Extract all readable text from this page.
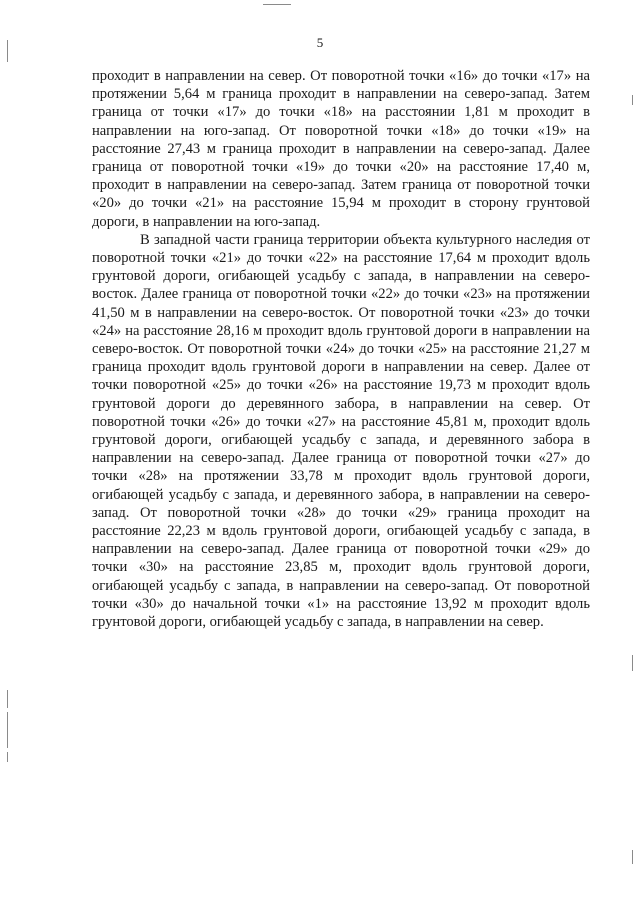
5

проходит в направлении на север. От поворотной точки «16» до точки «17» на протяжении 5,64 м граница проходит в направлении на северо-запад. Затем граница от точки «17» до точки «18» на расстоянии 1,81 м проходит в направлении на юго-запад. От поворотной точки «18» до точки «19» на расстояние 27,43 м граница проходит в направлении на северо-запад. Далее граница от поворотной точки «19» до точки «20» на расстояние 17,40 м, проходит в направлении на северо-запад. Затем граница от поворотной точки «20» до точки «21» на расстояние 15,94 м проходит в сторону грунтовой дороги, в направлении на юго-запад.

В западной части граница территории объекта культурного наследия от поворотной точки «21» до точки «22» на расстояние 17,64 м проходит вдоль грунтовой дороги, огибающей усадьбу с запада, в направлении на северо-восток. Далее граница от поворотной точки «22» до точки «23» на протяжении 41,50 м в направлении на северо-восток. От поворотной точки «23» до точки «24» на расстояние 28,16 м проходит вдоль грунтовой дороги в направлении на северо-восток. От поворотной точки «24» до точки «25» на расстояние 21,27 м граница проходит вдоль грунтовой дороги в направлении на север. Далее от точки поворотной «25» до точки «26» на расстояние 19,73 м проходит вдоль грунтовой дороги до деревянного забора, в направлении на север. От поворотной точки «26» до точки «27» на расстояние 45,81 м, проходит вдоль грунтовой дороги, огибающей усадьбу с запада, и деревянного забора в направлении на северо-запад. Далее граница от поворотной точки «27» до точки «28» на протяжении 33,78 м проходит вдоль грунтовой дороги, огибающей усадьбу с запада, и деревянного забора, в направлении на северо-запад. От поворотной точки «28» до точки «29» граница проходит на расстояние 22,23 м вдоль грунтовой дороги, огибающей усадьбу с запада, в направлении на северо-запад. Далее граница от поворотной точки «29» до точки «30» на расстояние 23,85 м, проходит вдоль грунтовой дороги, огибающей усадьбу с запада, в направлении на северо-запад. От поворотной точки «30» до начальной точки «1» на расстояние 13,92 м проходит вдоль грунтовой дороги, огибающей усадьбу с запада, в направлении на север.
